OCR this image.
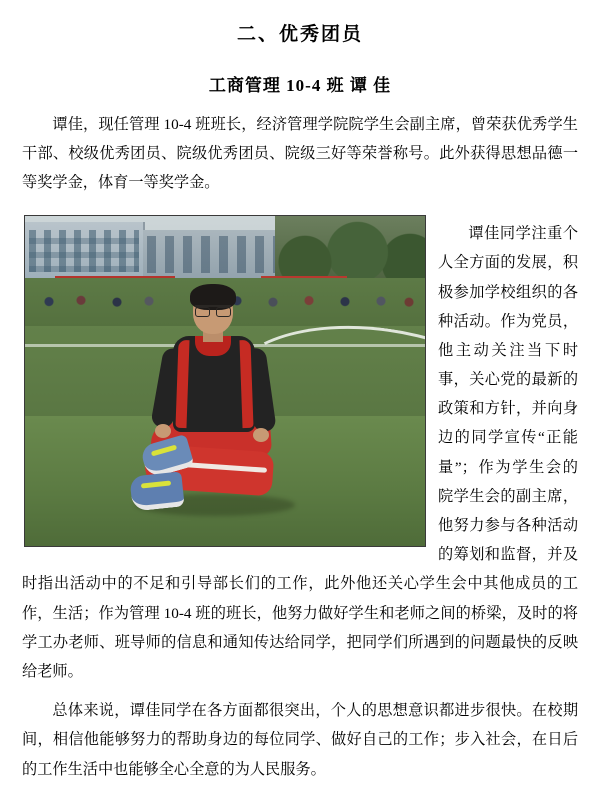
二、优秀团员
工商管理 10-4 班 谭 佳

谭佳，现任管理 10-4 班班长，经济管理学院院学生会副主席，曾荣获优秀学生干部、校级优秀团员、院级优秀团员、院级三好等荣誉称号。此外获得思想品德一等奖学金，体育一等奖学金。

谭佳同学注重个人全方面的发展，积极参加学校组织的各种活动。作为党员，他主动关注当下时事，关心党的最新的政策和方针，并向身边的同学宣传“正能量”；作为学生会的院学生会的副主席，他努力参与各种活动的筹划和监督，并及时指出活动中的不足和引导部长们的工作，此外他还关心学生会中其他成员的工作，生活；作为管理 10-4 班的班长，他努力做好学生和老师之间的桥梁，及时的将学工办老师、班导师的信息和通知传达给同学，把同学们所遇到的问题最快的反映给老师。

总体来说，谭佳同学在各方面都很突出，个人的思想意识都进步很快。在校期间，相信他能够努力的帮助身边的每位同学、做好自己的工作；步入社会，在日后的工作生活中也能够全心全意的为人民服务。
